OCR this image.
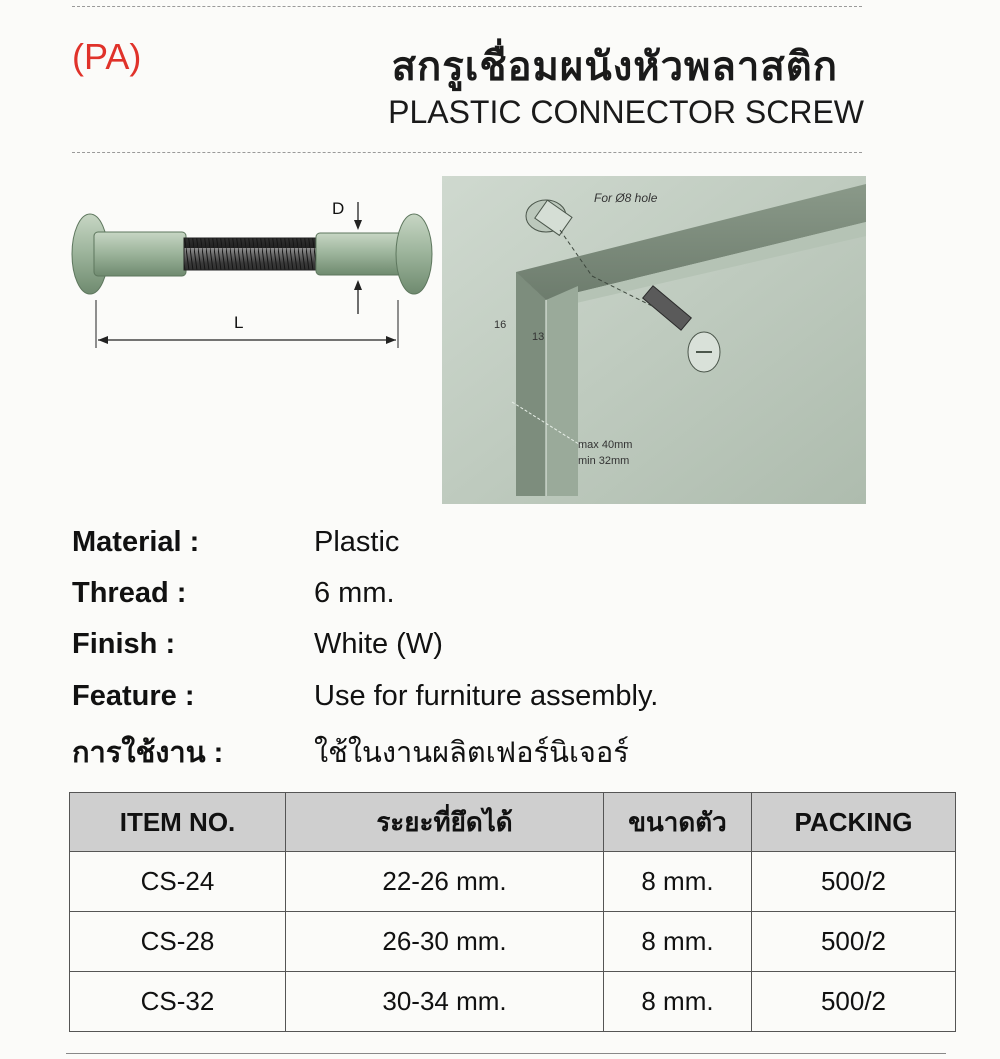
(PA)	สกรูเชื่อมผนังหัวพลาสติก
PLASTIC CONNECTOR SCREW
D
L
For Ø8 hole
16
13
max 40mm
min 32mm
Material :	Plastic
Thread :	6 mm.
Finish :	White (W)
Feature :	Use for furniture assembly.
การใช้งาน :	ใช้ในงานผลิตเฟอร์นิเจอร์
ITEM NO.	ระยะที่ยึดได้	ขนาดตัว	PACKING
CS-24	22-26 mm.	8 mm.	500/2
CS-28	26-30 mm.	8 mm.	500/2
CS-32	30-34 mm.	8 mm.	500/2
